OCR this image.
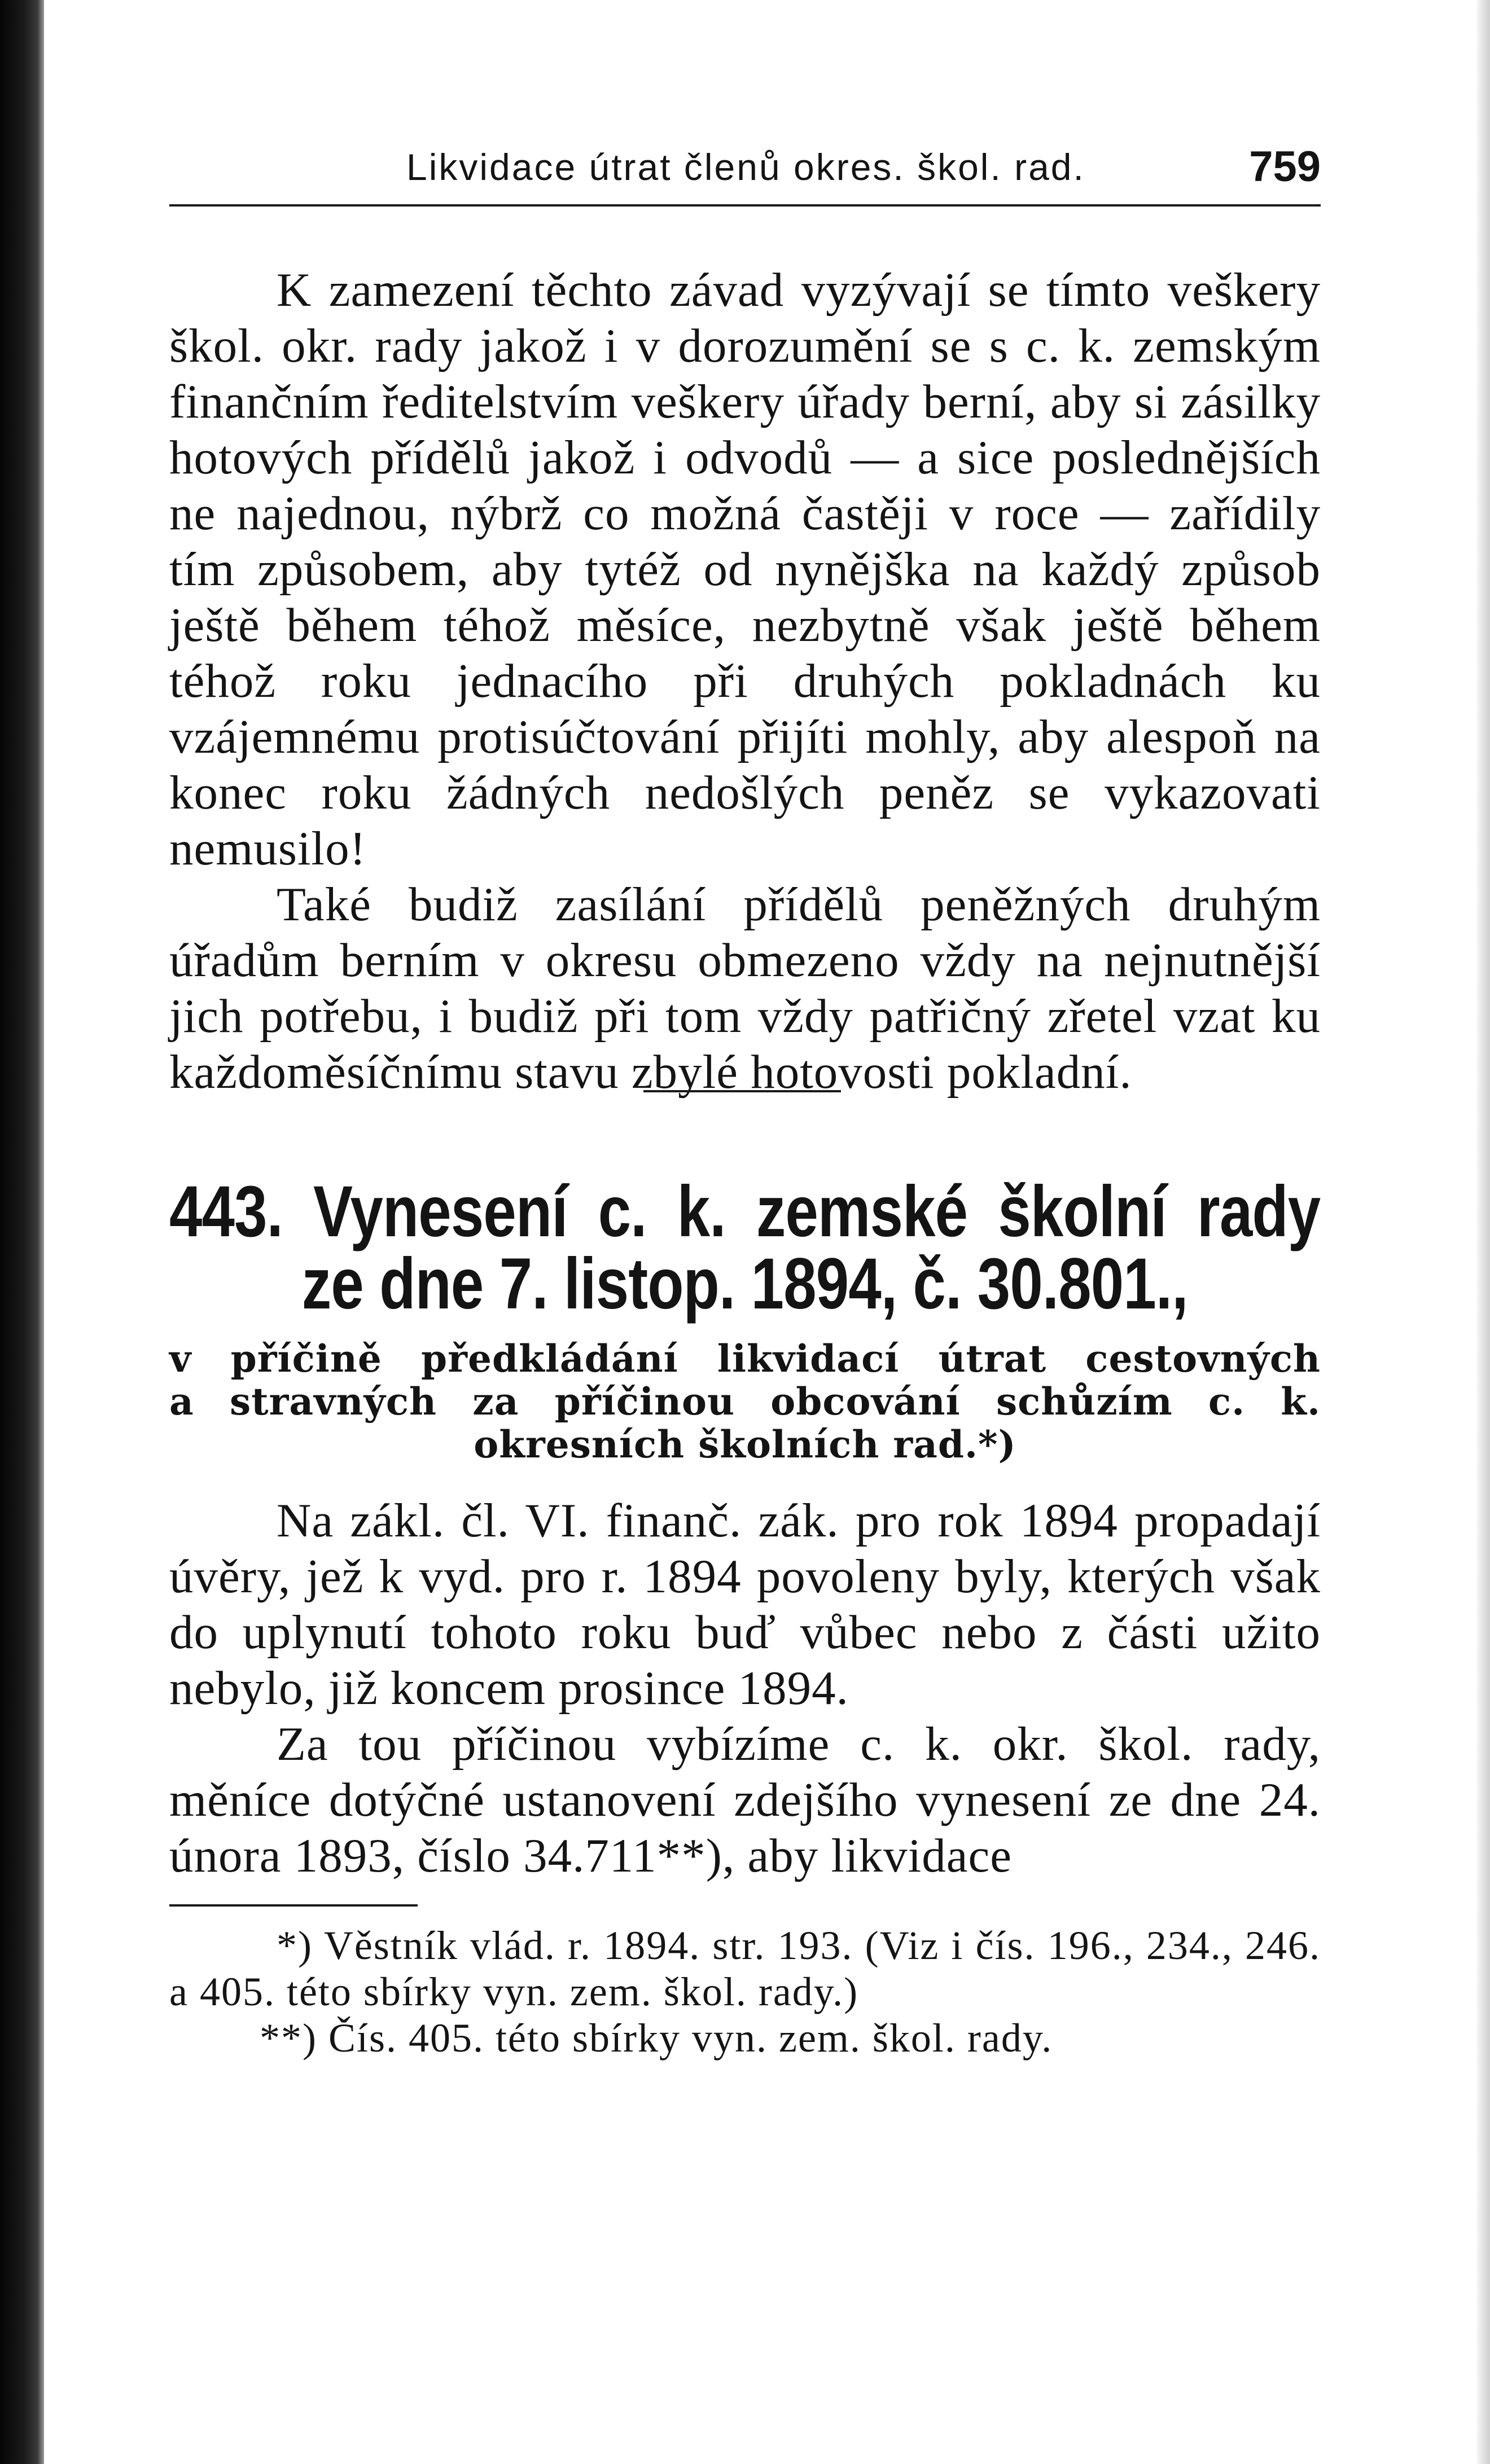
Likvidace útrat členů okres. škol. rad.	759

K zamezení těchto závad vyzývají se tímto veškery škol. okr. rady jakož i v dorozumění se s c. k. zemským finančním ředitelstvím veškery úřady berní, aby si zásilky hotových přídělů jakož i odvodů — a sice poslednějších ne najednou, nýbrž co možná častěji v roce — zařídily tím způsobem, aby tytéž od nynějška na každý způsob ještě během téhož měsíce, nezbytně však ještě během téhož roku jednacího při druhých pokladnách ku vzájemnému protisúčtování přijíti mohly, aby alespoň na konec roku žádných nedošlých peněz se vykazovati nemusilo!

Také budiž zasílání přídělů peněžných druhým úřadům berním v okresu obmezeno vždy na nejnutnější jich potřebu, i budiž při tom vždy patřičný zřetel vzat ku každoměsíčnímu stavu zbylé hotovosti pokladní.

443. Vynesení c. k. zemské školní rady
ze dne 7. listop. 1894, č. 30.801.,
v příčině předkládání likvidací útrat cestovných
a stravných za příčinou obcování schůzím c. k.
okresních školních rad.*)

Na zákl. čl. VI. finanč. zák. pro rok 1894 propadají úvěry, jež k vyd. pro r. 1894 povoleny byly, kterých však do uplynutí tohoto roku buď vůbec nebo z části užito nebylo, již koncem prosince 1894.

Za tou příčinou vybízíme c. k. okr. škol. rady, měníce dotýčné ustanovení zdejšího vynesení ze dne 24. února 1893, číslo 34.711**), aby likvidace

*) Věstník vlád. r. 1894. str. 193. (Viz i čís. 196., 234., 246. a 405. této sbírky vyn. zem. škol. rady.)
**) Čís. 405. této sbírky vyn. zem. škol. rady.
